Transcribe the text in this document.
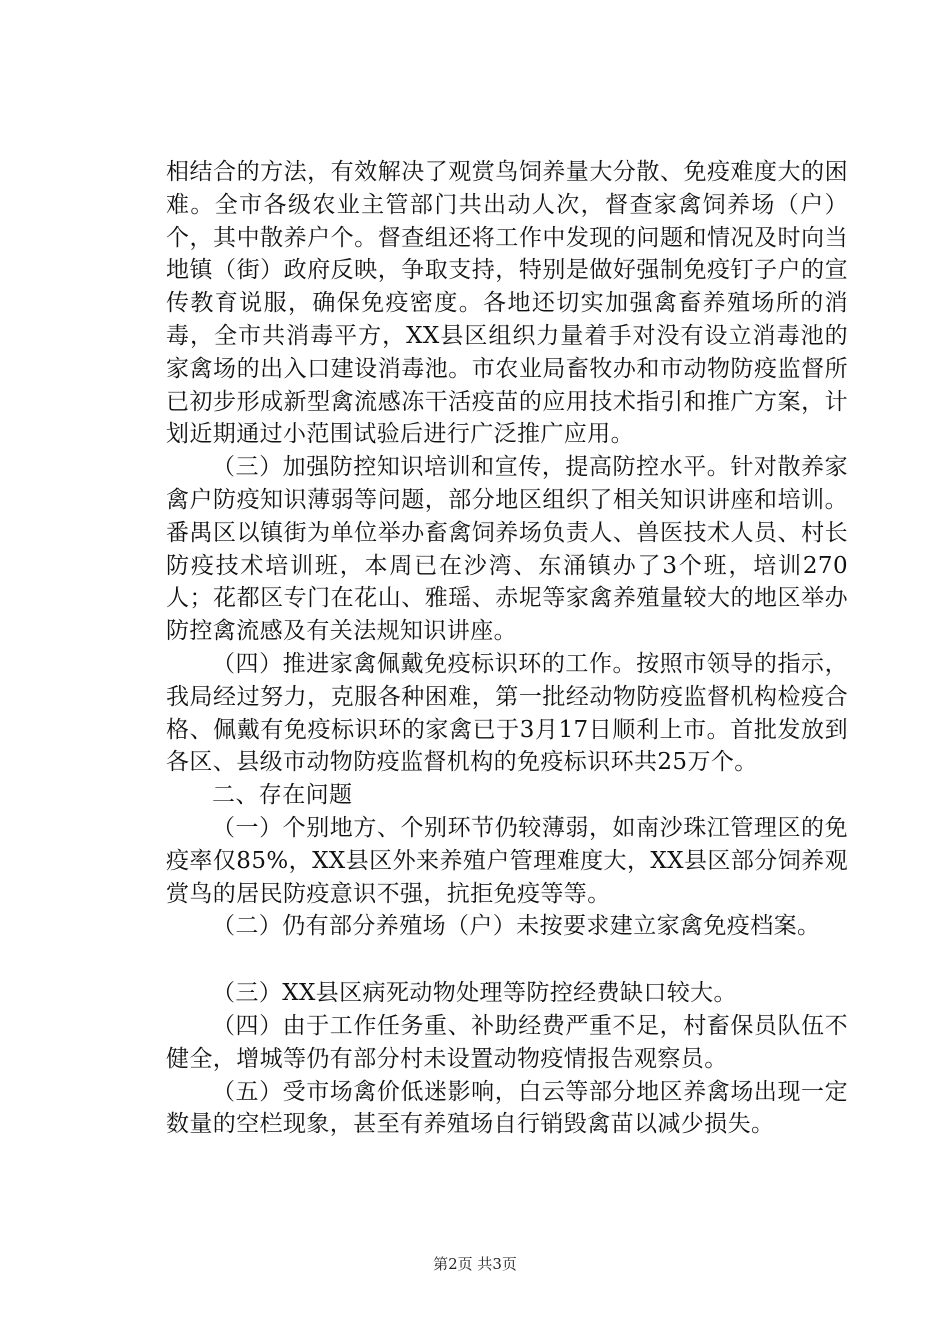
相结合的方法，有效解决了观赏鸟饲养量大分散、免疫难度大的困难。全市各级农业主管部门共出动人次，督查家禽饲养场（户）个，其中散养户个。督查组还将工作中发现的问题和情况及时向当地镇（街）政府反映，争取支持，特别是做好强制免疫钉子户的宣传教育说服，确保免疫密度。各地还切实加强禽畜养殖场所的消毒，全市共消毒平方，XX县区组织力量着手对没有设立消毒池的家禽场的出入口建设消毒池。市农业局畜牧办和市动物防疫监督所已初步形成新型禽流感冻干活疫苗的应用技术指引和推广方案，计划近期通过小范围试验后进行广泛推广应用。

（三）加强防控知识培训和宣传，提高防控水平。针对散养家禽户防疫知识薄弱等问题，部分地区组织了相关知识讲座和培训。番禺区以镇街为单位举办畜禽饲养场负责人、兽医技术人员、村长防疫技术培训班，本周已在沙湾、东涌镇办了3个班，培训270人；花都区专门在花山、雅瑶、赤坭等家禽养殖量较大的地区举办防控禽流感及有关法规知识讲座。

（四）推进家禽佩戴免疫标识环的工作。按照市领导的指示，我局经过努力，克服各种困难，第一批经动物防疫监督机构检疫合格、佩戴有免疫标识环的家禽已于3月17日顺利上市。首批发放到各区、县级市动物防疫监督机构的免疫标识环共25万个。

二、存在问题

（一）个别地方、个别环节仍较薄弱，如南沙珠江管理区的免疫率仅85%，XX县区外来养殖户管理难度大，XX县区部分饲养观赏鸟的居民防疫意识不强，抗拒免疫等等。

（二）仍有部分养殖场（户）未按要求建立家禽免疫档案。

（三）XX县区病死动物处理等防控经费缺口较大。

（四）由于工作任务重、补助经费严重不足，村畜保员队伍不健全，增城等仍有部分村未设置动物疫情报告观察员。

（五）受市场禽价低迷影响，白云等部分地区养禽场出现一定数量的空栏现象，甚至有养殖场自行销毁禽苗以减少损失。

第2页 共3页
